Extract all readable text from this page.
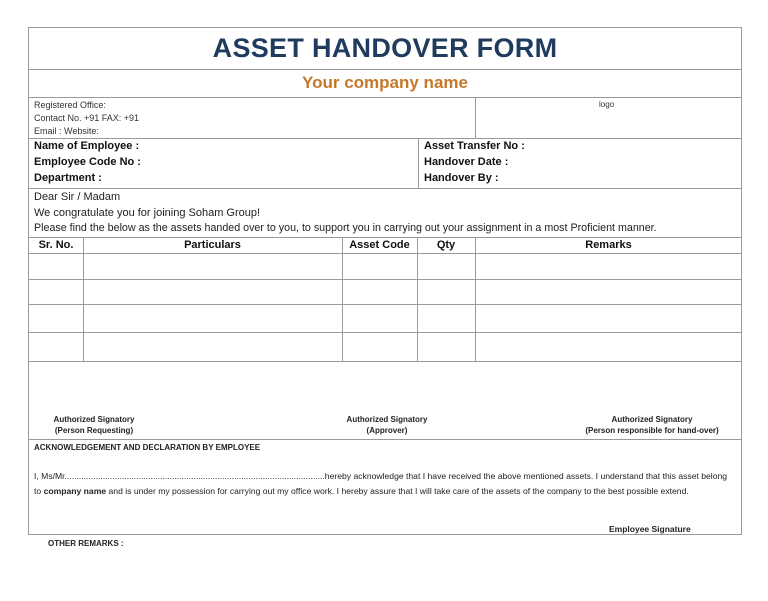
ASSET HANDOVER FORM
Your company name
Registered Office:
Contact No. +91 FAX: +91
Email : Website:
logo
Name of Employee :
Employee Code No :
Department :
Asset Transfer No :
Handover Date :
Handover By :
Dear Sir / Madam
We congratulate you for joining Soham Group!
Please find the below as the assets handed over to you, to support you in carrying out your assignment in a most Proficient manner.
Sr. No.	Particulars	Asset Code	Qty	Remarks
Authorized Signatory
(Person Requesting)
Authorized Signatory
(Approver)
Authorized Signatory
(Person responsible for hand-over)
ACKNOWLEDGEMENT AND DECLARATION BY EMPLOYEE
I, Ms/Mr.............................................................................................................hereby acknowledge that I have received the above mentioned assets. I understand that this asset belong to company name and is under my possession for carrying out my office work. I hereby assure that I will take care of the assets of the company to the best possible extend.
Employee Signature
OTHER REMARKS :
